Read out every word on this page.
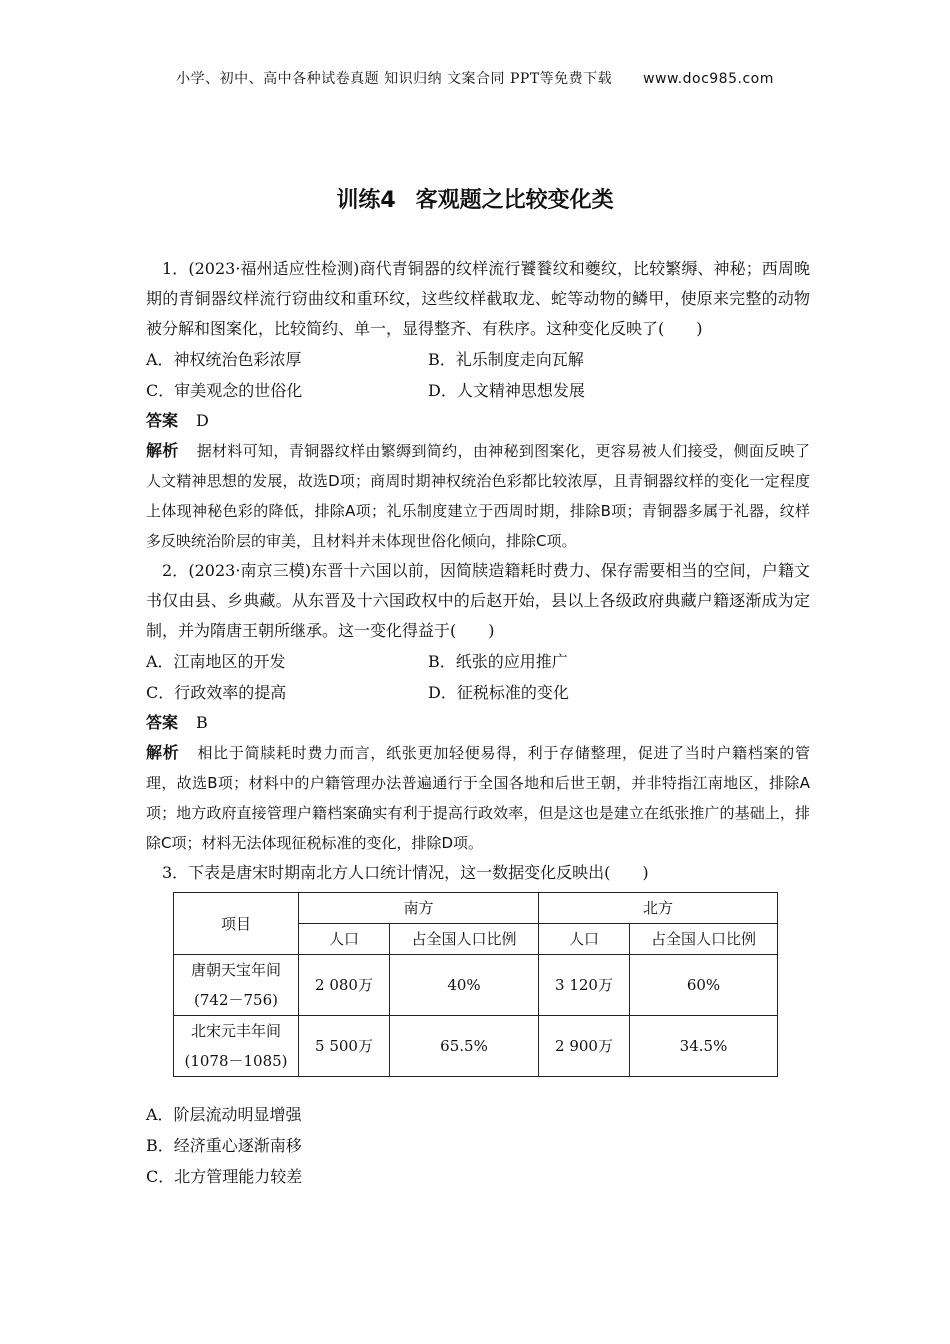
小学、初中、高中各种试卷真题 知识归纳 文案合同 PPT等免费下载 www.doc985.com
训练4 客观题之比较变化类
1．(2023·福州适应性检测)商代青铜器的纹样流行饕餮纹和夔纹，比较繁缛、神秘；西周晚期的青铜器纹样流行窃曲纹和重环纹，这些纹样截取龙、蛇等动物的鳞甲，使原来完整的动物被分解和图案化，比较简约、单一，显得整齐、有秩序。这种变化反映了(　　)
A．神权统治色彩浓厚	B．礼乐制度走向瓦解
C．审美观念的世俗化	D．人文精神思想发展
答案 D
解析 据材料可知，青铜器纹样由繁缛到简约，由神秘到图案化，更容易被人们接受，侧面反映了人文精神思想的发展，故选D项；商周时期神权统治色彩都比较浓厚，且青铜器纹样的变化一定程度上体现神秘色彩的降低，排除A项；礼乐制度建立于西周时期，排除B项；青铜器多属于礼器，纹样多反映统治阶层的审美，且材料并未体现世俗化倾向，排除C项。
2．(2023·南京三模)东晋十六国以前，因简牍造籍耗时费力、保存需要相当的空间，户籍文书仅由县、乡典藏。从东晋及十六国政权中的后赵开始，县以上各级政府典藏户籍逐渐成为定制，并为隋唐王朝所继承。这一变化得益于(　　)
A．江南地区的开发	B．纸张的应用推广
C．行政效率的提高	D．征税标准的变化
答案 B
解析 相比于简牍耗时费力而言，纸张更加轻便易得，利于存储整理，促进了当时户籍档案的管理，故选B项；材料中的户籍管理办法普遍通行于全国各地和后世王朝，并非特指江南地区，排除A项；地方政府直接管理户籍档案确实有利于提高行政效率，但是这也是建立在纸张推广的基础上，排除C项；材料无法体现征税标准的变化，排除D项。
3．下表是唐宋时期南北方人口统计情况，这一数据变化反映出(　　)
项目	南方		北方	
	人口	占全国人口比例	人口	占全国人口比例

唐朝天宝年间
(742－756)	2 080万	40%	3 120万	60%

北宋元丰年间
(1078－1085)	5 500万	65.5%	2 900万	34.5%
A．阶层流动明显增强
B．经济重心逐渐南移
C．北方管理能力较差
